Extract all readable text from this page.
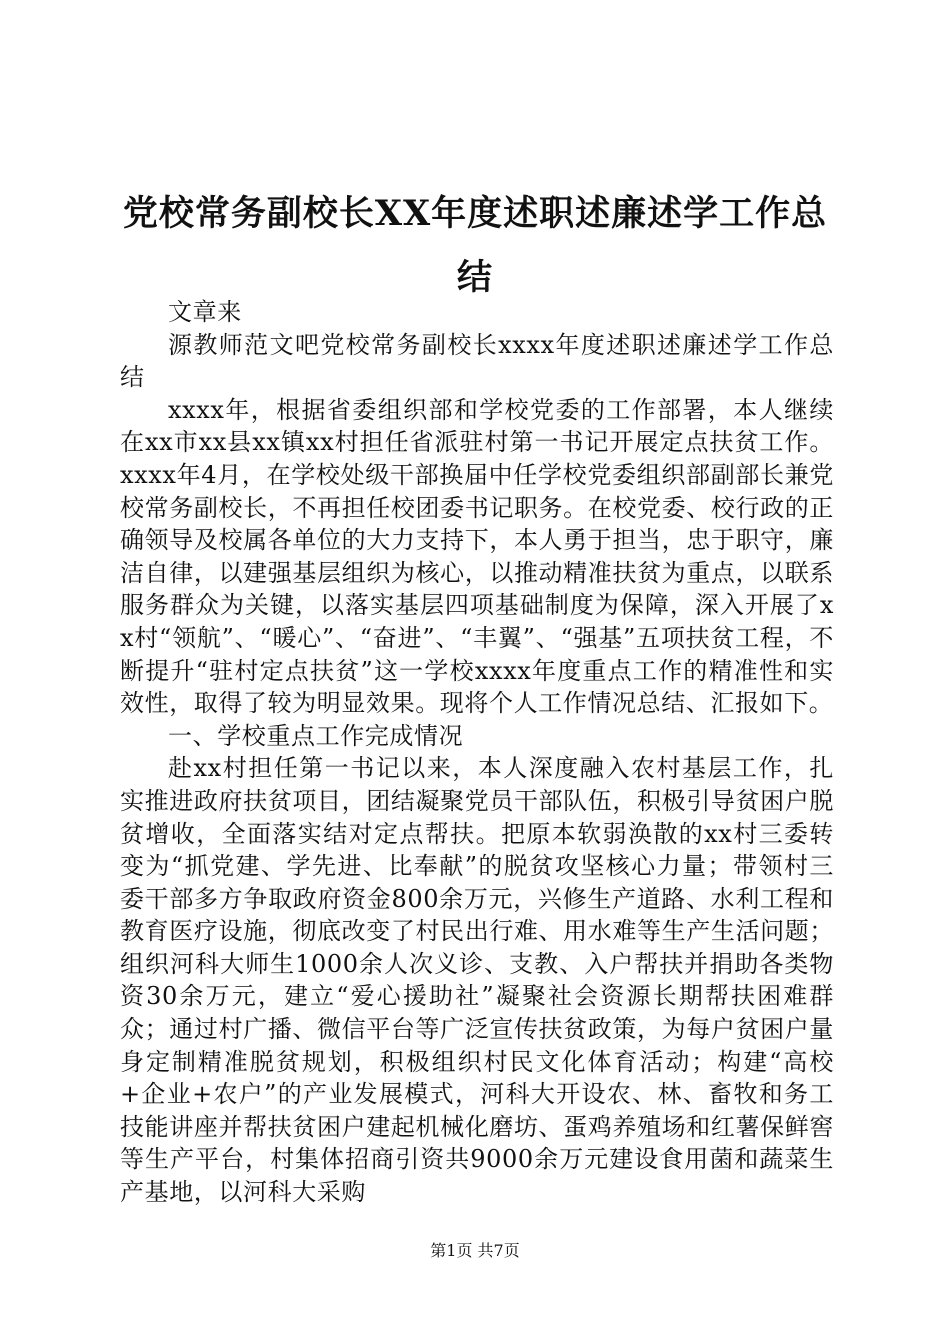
党校常务副校长XX年度述职述廉述学工作总结

文章来

源教师范文吧党校常务副校长xxxx年度述职述廉述学工作总结

xxxx年，根据省委组织部和学校党委的工作部署，本人继续在xx市xx县xx镇xx村担任省派驻村第一书记开展定点扶贫工作。xxxx年4月，在学校处级干部换届中任学校党委组织部副部长兼党校常务副校长，不再担任校团委书记职务。在校党委、校行政的正确领导及校属各单位的大力支持下，本人勇于担当，忠于职守，廉洁自律，以建强基层组织为核心，以推动精准扶贫为重点，以联系服务群众为关键，以落实基层四项基础制度为保障，深入开展了xx村“领航”、“暖心”、“奋进”、“丰翼”、“强基”五项扶贫工程，不断提升“驻村定点扶贫”这一学校xxxx年度重点工作的精准性和实效性，取得了较为明显效果。现将个人工作情况总结、汇报如下。

一、学校重点工作完成情况

赴xx村担任第一书记以来，本人深度融入农村基层工作，扎实推进政府扶贫项目，团结凝聚党员干部队伍，积极引导贫困户脱贫增收，全面落实结对定点帮扶。把原本软弱涣散的xx村三委转变为“抓党建、学先进、比奉献”的脱贫攻坚核心力量；带领村三委干部多方争取政府资金800余万元，兴修生产道路、水利工程和教育医疗设施，彻底改变了村民出行难、用水难等生产生活问题；组织河科大师生1000余人次义诊、支教、入户帮扶并捐助各类物资30余万元，建立“爱心援助社”凝聚社会资源长期帮扶困难群众；通过村广播、微信平台等广泛宣传扶贫政策，为每户贫困户量身定制精准脱贫规划，积极组织村民文化体育活动；构建“高校+企业+农户”的产业发展模式，河科大开设农、林、畜牧和务工技能讲座并帮扶贫困户建起机械化磨坊、蛋鸡养殖场和红薯保鲜窖等生产平台，村集体招商引资共9000余万元建设食用菌和蔬菜生产基地，以河科大采购

第1页 共7页
